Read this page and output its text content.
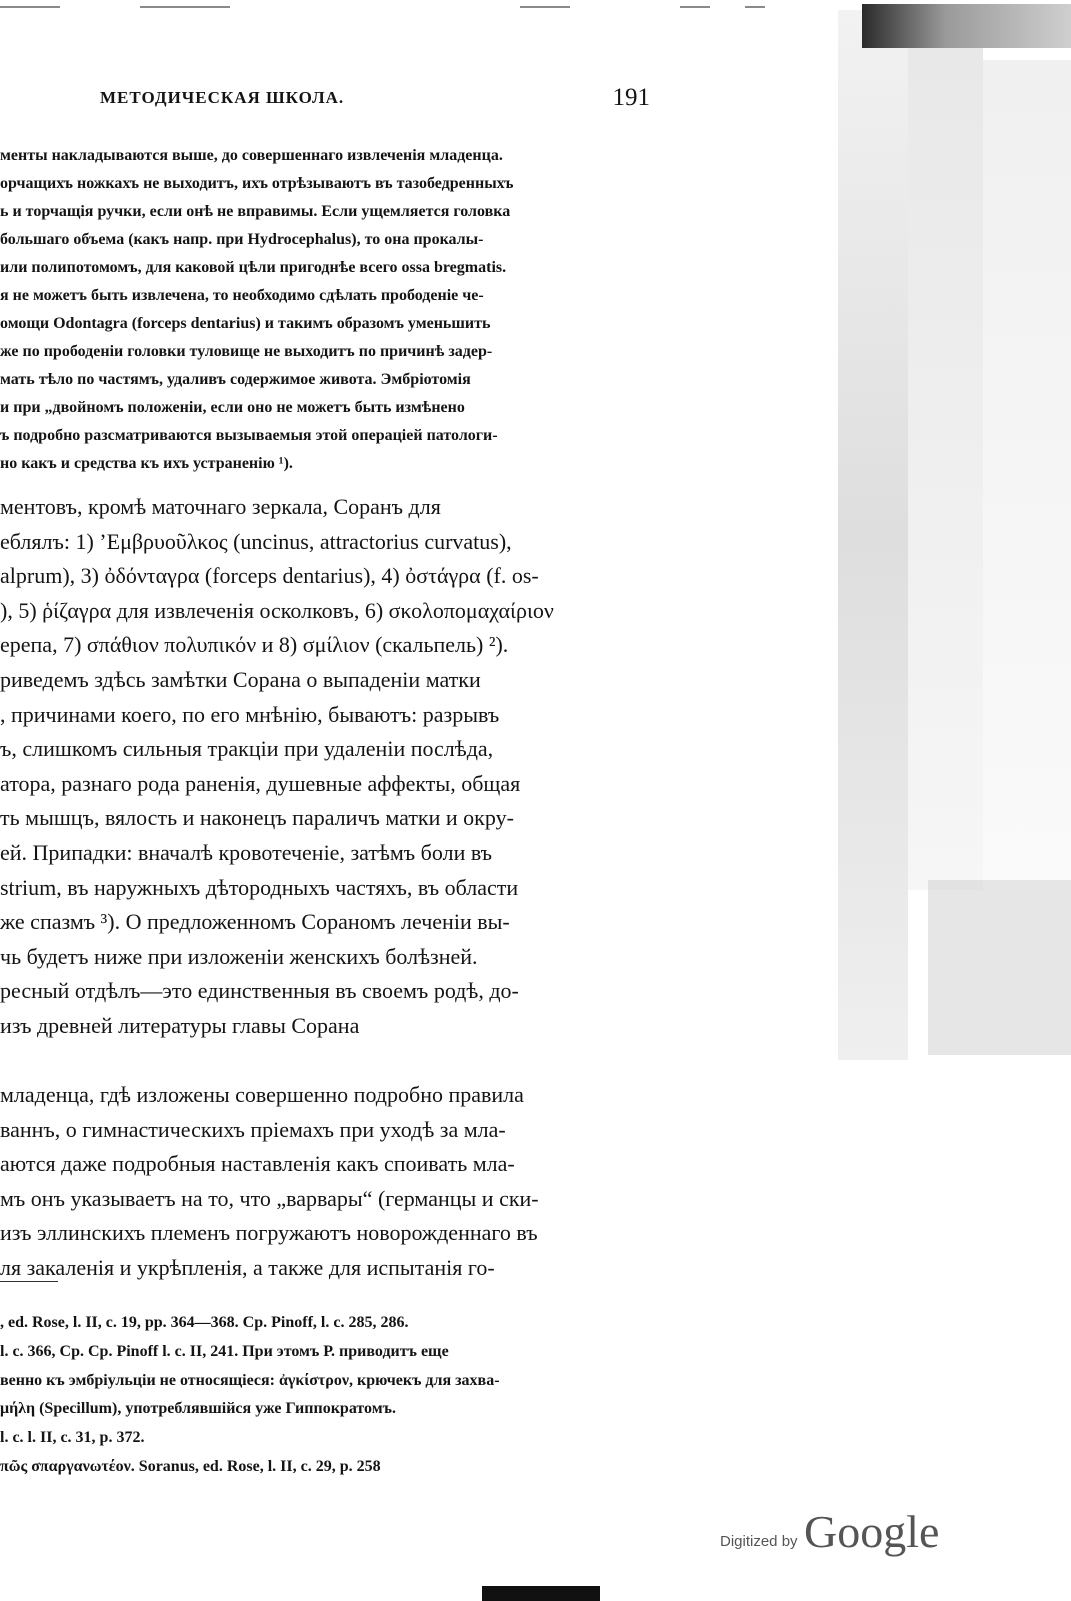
МЕТОДИЧЕСКАЯ ШКОЛА.	191
менты накладываются выше, до совершеннаго извлеченія младенца.
орчащихъ ножкахъ не выходитъ, ихъ отрѣзываютъ въ тазобедренныхъ
ь и торчащія ручки, если онѣ не вправимы. Если ущемляется головка
большаго объема (какъ напр. при Hydrocephalus), то она прокалы-
или полипотомомъ, для каковой цѣли пригоднѣе всего ossa bregmatis.
я не можетъ быть извлечена, то необходимо сдѣлать прободеніе че-
омощи Odontagra (forceps dentarius) и такимъ образомъ уменьшить
же по прободеніи головки туловище не выходитъ по причинѣ задер-
мать тѣло по частямъ, удаливъ содержимое живота. Эмбріотомія
и при „двойномъ положеніи, если оно не можетъ быть измѣнено
ъ подробно разсматриваются вызываемыя этой операціей патологи-
но какъ и средства къ ихъ устраненію ¹).
ментовъ, кромѣ маточнаго зеркала, Соранъ для
еблялъ: 1) ’Εμβρυοῦλκος (uncinus, attractorius curvatus),
alprum), 3) ὀδόνταγρα (forceps dentarius), 4) ὀστάγρα (f. os-
), 5) ῥίζαγρα для извлеченія осколковъ, 6) σκολοπομαχαίριον
ерепа, 7) σπάθιον πολυπικόν и 8) σμίλιον (скальпель) ²).
риведемъ здѣсь замѣтки Сорана о выпаденіи матки
, причинами коего, по его мнѣнію, бываютъ: разрывъ
ъ, слишкомъ сильныя тракціи при удаленіи послѣда,
атора, разнаго рода раненія, душевные аффекты, общая
ть мышцъ, вялость и наконецъ параличъ матки и окру-
ей. Припадки: вначалѣ кровотеченіе, затѣмъ боли въ
strium, въ наружныхъ дѣтородныхъ частяхъ, въ области
же спазмъ ³). О предложенномъ Сораномъ леченіи вы-
чь будетъ ниже при изложеніи женскихъ болѣзней.
ресный отдѣлъ—это единственныя въ своемъ родѣ, до-
изъ древней литературы главы Сорана
младенца, гдѣ изложены совершенно подробно правила
ваннъ, о гимнастическихъ пріемахъ при уходѣ за мла-
аются даже подробныя наставленія какъ споивать мла-
мъ онъ указываетъ на то, что „варвары“ (германцы и ски-
изъ эллинскихъ племенъ погружаютъ новорожденнаго въ
ля закаленія и укрѣпленія, а также для испытанія го-
, ed. Rose, l. II, c. 19, pp. 364—368. Cp. Pinoff, l. c. 285, 286.
l. c. 366, Cp. Cp. Pinoff l. c. II, 241. При этомъ Р. приводитъ еще
венно къ эмбріульціи не относящіеся: ἀγκίστρον, крючекъ для захва-
μήλη (Specillum), употреблявшійся уже Гиппократомъ.
l. c. l. II, c. 31, p. 372.
πῶς σπαργανωτέον. Soranus, ed. Rose, l. II, c. 29, p. 258
Digitized by Google
